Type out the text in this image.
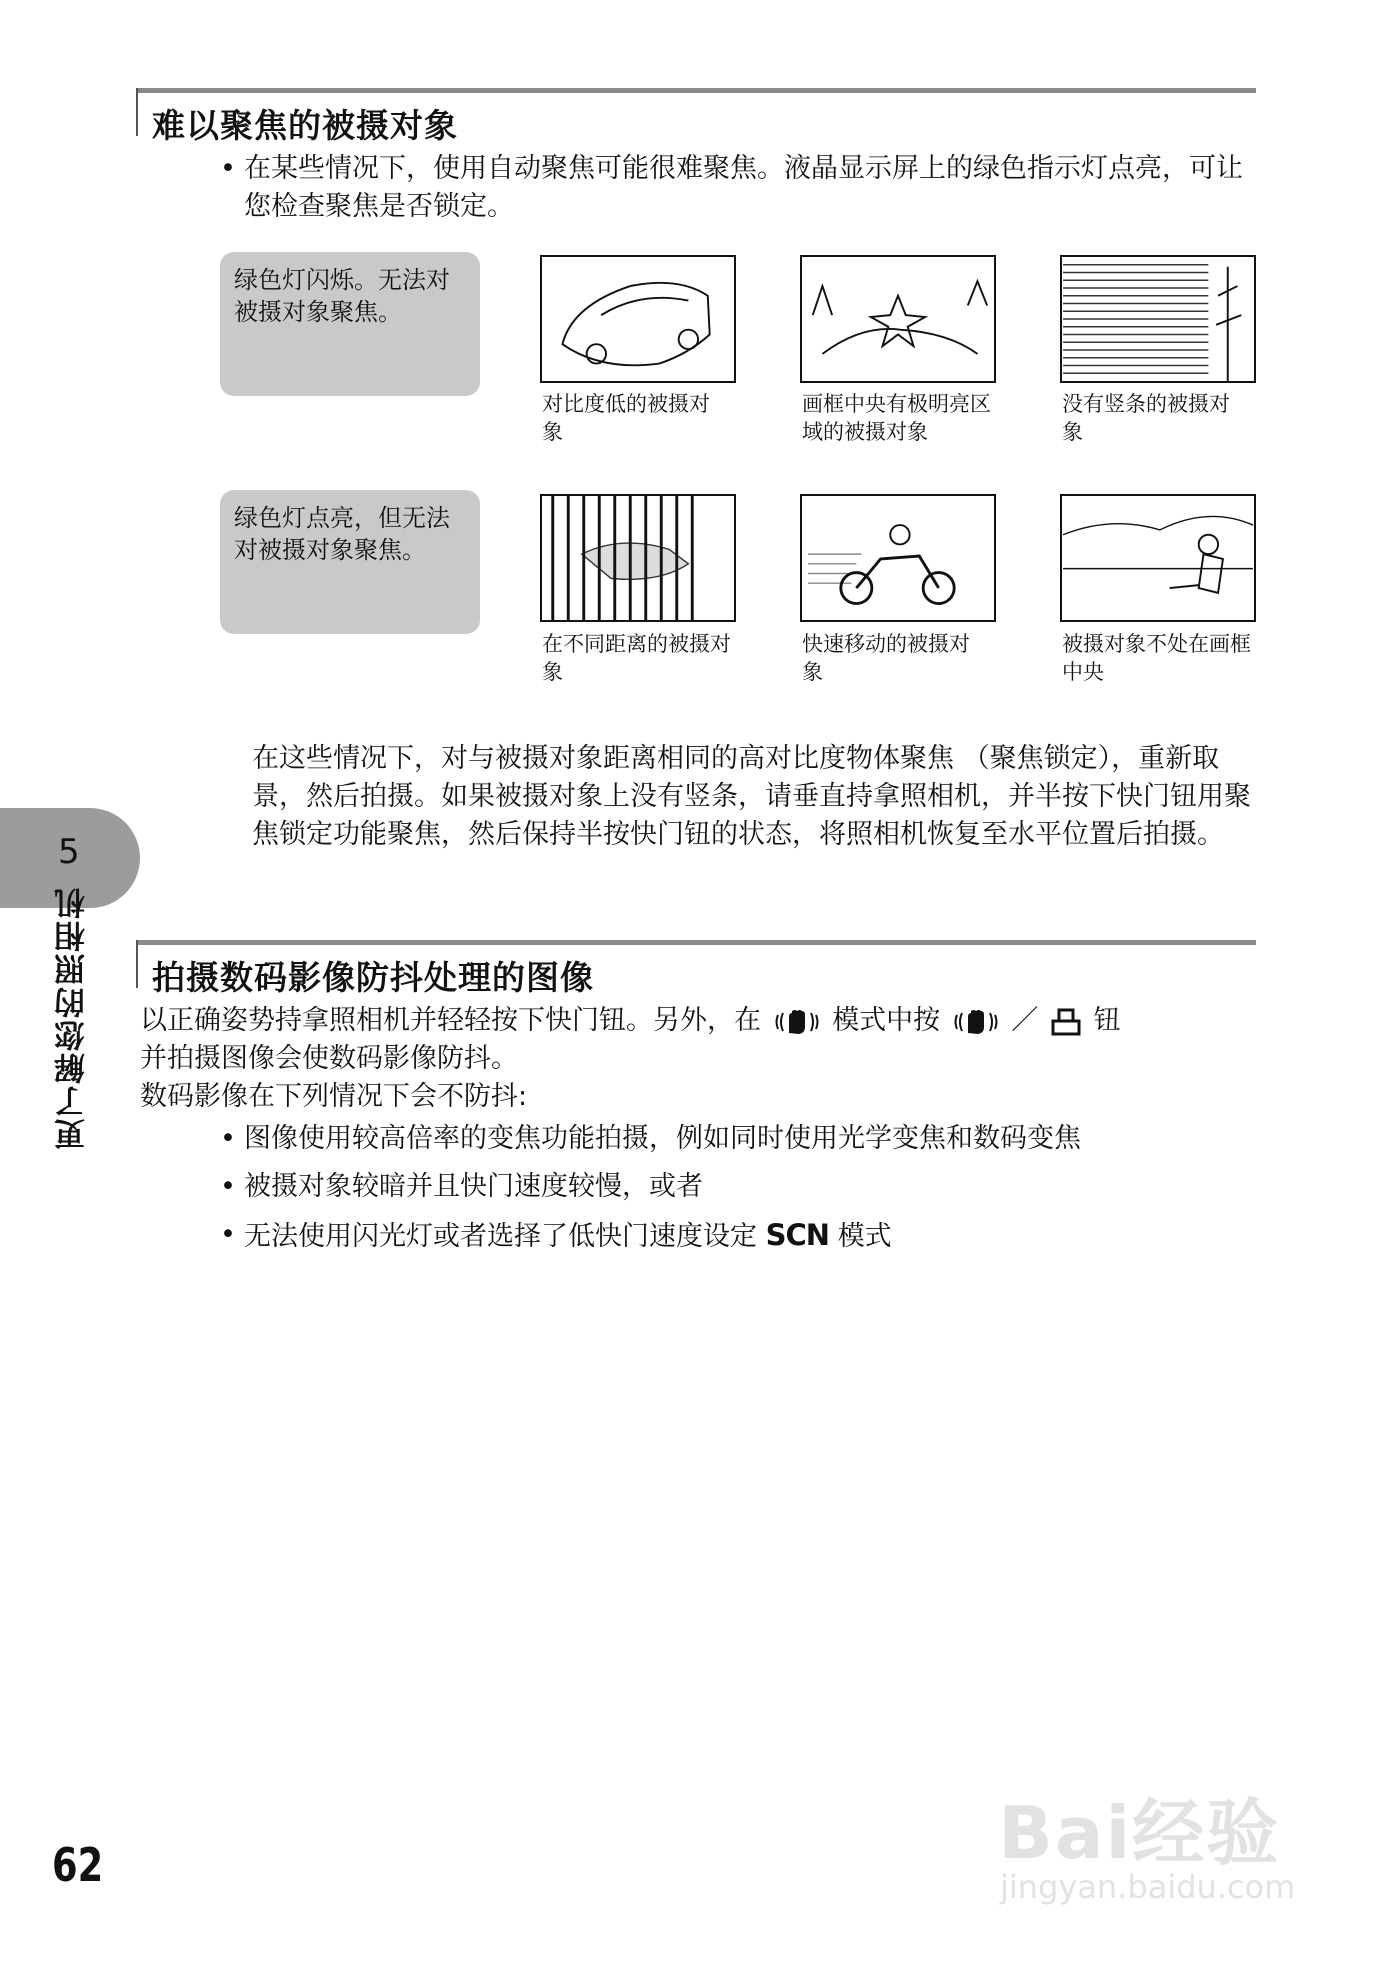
难以聚焦的被摄对象
• 在某些情况下，使用自动聚焦可能很难聚焦。液晶显示屏上的绿色指示灯点亮，可让您检查聚焦是否锁定。
绿色灯闪烁。无法对被摄对象聚焦。
绿色灯点亮，但无法对被摄对象聚焦。
对比度低的被摄对象
画框中央有极明亮区域的被摄对象
没有竖条的被摄对象
在不同距离的被摄对象
快速移动的被摄对象
被摄对象不处在画框中央
在这些情况下，对与被摄对象距离相同的高对比度物体聚焦 （聚焦锁定），重新取景，然后拍摄。如果被摄对象上没有竖条，请垂直持拿照相机，并半按下快门钮用聚焦锁定功能聚焦，然后保持半按快门钮的状态，将照相机恢复至水平位置后拍摄。
拍摄数码影像防抖处理的图像
以正确姿势持拿照相机并轻轻按下快门钮。另外，在	模式中按	／ 钮
并拍摄图像会使数码影像防抖。
数码影像在下列情况下会不防抖:
• 图像使用较高倍率的变焦功能拍摄，例如同时使用光学变焦和数码变焦
• 被摄对象较暗并且快门速度较慢，或者
• 无法使用闪光灯或者选择了低快门速度设定 SCN 模式
5
更了解您的照相机
62	Bai经验
jingyan.baidu.com
